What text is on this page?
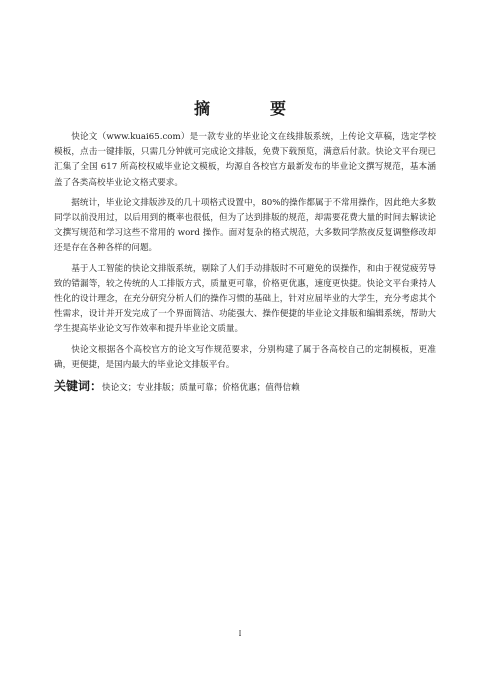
摘　要

快论文（www.kuai65.com）是一款专业的毕业论文在线排版系统，上传论文草稿，选定学校模板，点击一键排版，只需几分钟就可完成论文排版，免费下载预览，满意后付款。快论文平台现已汇集了全国 617 所高校权威毕业论文模板，均源自各校官方最新发布的毕业论文撰写规范，基本涵盖了各类高校毕业论文格式要求。

据统计，毕业论文排版涉及的几十项格式设置中，80%的操作都属于不常用操作，因此绝大多数同学以前没用过，以后用到的概率也很低，但为了达到排版的规范，却需要花费大量的时间去解读论文撰写规范和学习这些不常用的 word 操作。面对复杂的格式规范，大多数同学熬夜反复调整修改却还是存在各种各样的问题。

基于人工智能的快论文排版系统，剔除了人们手动排版时不可避免的误操作，和由于视觉疲劳导致的错漏等，较之传统的人工排版方式，质量更可靠，价格更优惠，速度更快捷。快论文平台秉持人性化的设计理念，在充分研究分析人们的操作习惯的基础上，针对应届毕业的大学生，充分考虑其个性需求，设计并开发完成了一个界面简洁、功能强大、操作便捷的毕业论文排版和编辑系统，帮助大学生提高毕业论文写作效率和提升毕业论文质量。

快论文根据各个高校官方的论文写作规范要求，分别构建了属于各高校自己的定制模板，更准确，更便捷，是国内最大的毕业论文排版平台。

关键词：快论文；专业排版；质量可靠；价格优惠；值得信赖
I
